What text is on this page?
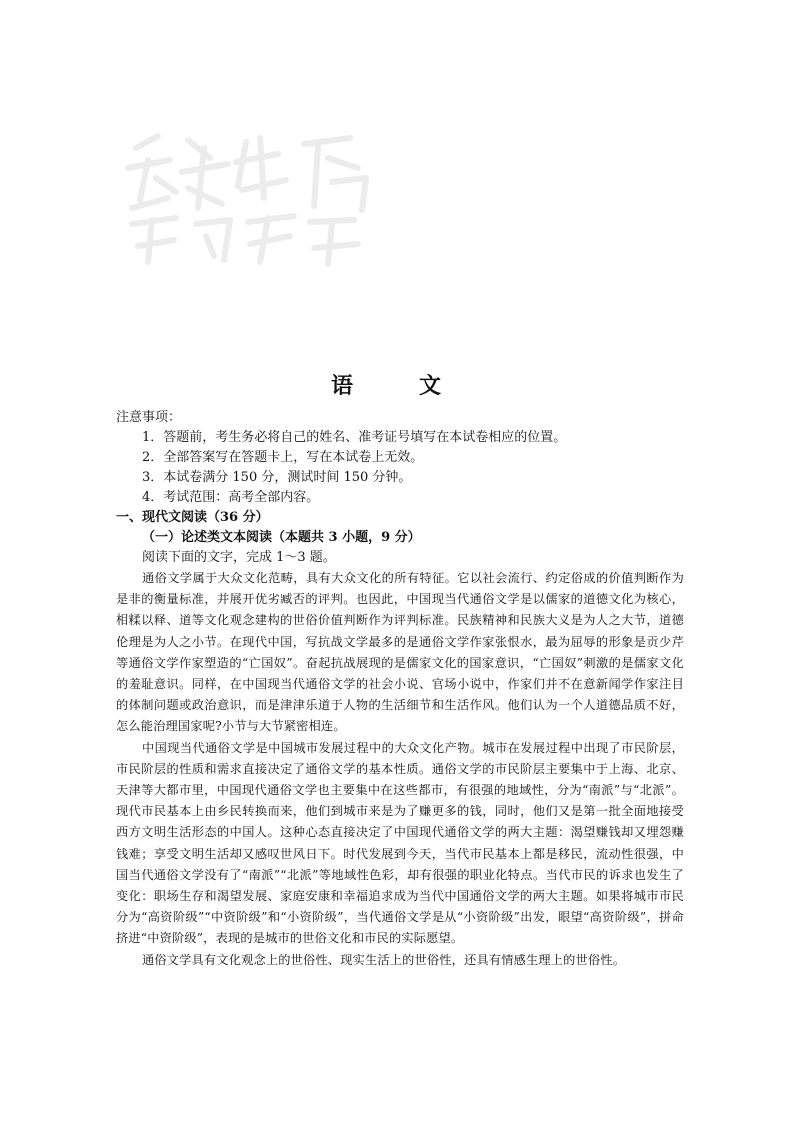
语　文

注意事项：

1．答题前，考生务必将自己的姓名、准考证号填写在本试卷相应的位置。

2．全部答案写在答题卡上，写在本试卷上无效。

3．本试卷满分 150 分，测试时间 150 分钟。

4．考试范围：高考全部内容。

一、现代文阅读（36 分）

（一）论述类文本阅读（本题共 3 小题，9 分）

阅读下面的文字，完成 1～3 题。

通俗文学属于大众文化范畴，具有大众文化的所有特征。它以社会流行、约定俗成的价值判断作为是非的衡量标准，并展开优劣臧否的评判。也因此，中国现当代通俗文学是以儒家的道德文化为核心，相糅以释、道等文化观念建构的世俗价值判断作为评判标准。民族精神和民族大义是为人之大节，道德伦理是为人之小节。在现代中国，写抗战文学最多的是通俗文学作家张恨水，最为屈辱的形象是贡少芹等通俗文学作家塑造的“亡国奴”。奋起抗战展现的是儒家文化的国家意识，“亡国奴”刺激的是儒家文化的羞耻意识。同样，在中国现当代通俗文学的社会小说、官场小说中，作家们并不在意新闻学作家注目的体制问题或政治意识，而是津津乐道于人物的生活细节和生活作风。他们认为一个人道德品质不好，怎么能治理国家呢?小节与大节紧密相连。

中国现当代通俗文学是中国城市发展过程中的大众文化产物。城市在发展过程中出现了市民阶层，市民阶层的性质和需求直接决定了通俗文学的基本性质。通俗文学的市民阶层主要集中于上海、北京、天津等大都市里，中国现代通俗文学也主要集中在这些都市，有很强的地域性，分为“南派”与“北派”。现代市民基本上由乡民转换而来，他们到城市来是为了赚更多的钱，同时，他们又是第一批全面地接受西方文明生活形态的中国人。这种心态直接决定了中国现代通俗文学的两大主题：渴望赚钱却又埋怨赚钱难；享受文明生活却又感叹世风日下。时代发展到今天，当代市民基本上都是移民，流动性很强，中国当代通俗文学没有了“南派”“北派”等地域性色彩，却有很强的职业化特点。当代市民的诉求也发生了变化：职场生存和渴望发展、家庭安康和幸福追求成为当代中国通俗文学的两大主题。如果将城市市民分为“高资阶级”“中资阶级”和“小资阶级”，当代通俗文学是从“小资阶级”出发，眼望“高资阶级”，拼命挤进“中资阶级”，表现的是城市的世俗文化和市民的实际愿望。

通俗文学具有文化观念上的世俗性、现实生活上的世俗性，还具有情感生理上的世俗性。
